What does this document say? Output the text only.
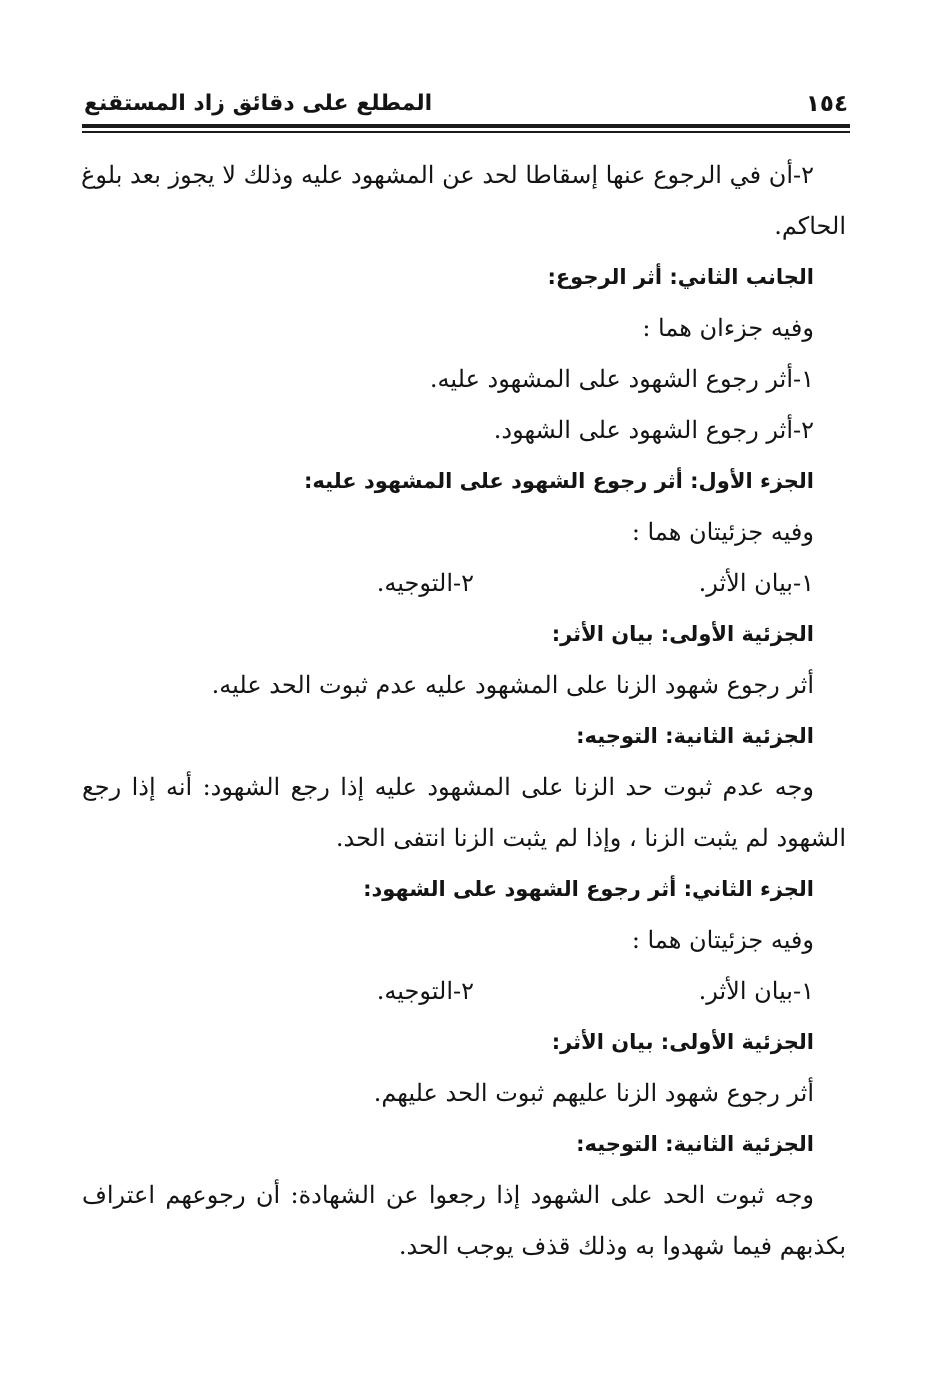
المطلع على دقائق زاد المستقنع	١٥٤
٢-أن في الرجوع عنها إسقاطا لحد عن المشهود عليه وذلك لا يجوز بعد بلوغ
الحاكم.
الجانب الثاني: أثر الرجوع:
وفيه جزءان هما :
١-أثر رجوع الشهود على المشهود عليه.
٢-أثر رجوع الشهود على الشهود.
الجزء الأول: أثر رجوع الشهود على المشهود عليه:
وفيه جزئيتان هما :
١-بيان الأثر.
٢-التوجيه.
الجزئية الأولى: بيان الأثر:
أثر رجوع شهود الزنا على المشهود عليه عدم ثبوت الحد عليه.
الجزئية الثانية: التوجيه:
وجه عدم ثبوت حد الزنا على المشهود عليه إذا رجع الشهود: أنه إذا رجع
الشهود لم يثبت الزنا ، وإذا لم يثبت الزنا انتفى الحد.
الجزء الثاني: أثر رجوع الشهود على الشهود:
وفيه جزئيتان هما :
١-بيان الأثر.
٢-التوجيه.
الجزئية الأولى: بيان الأثر:
أثر رجوع شهود الزنا عليهم ثبوت الحد عليهم.
الجزئية الثانية: التوجيه:
وجه ثبوت الحد على الشهود إذا رجعوا عن الشهادة: أن رجوعهم اعتراف
بكذبهم فيما شهدوا به وذلك قذف يوجب الحد.
